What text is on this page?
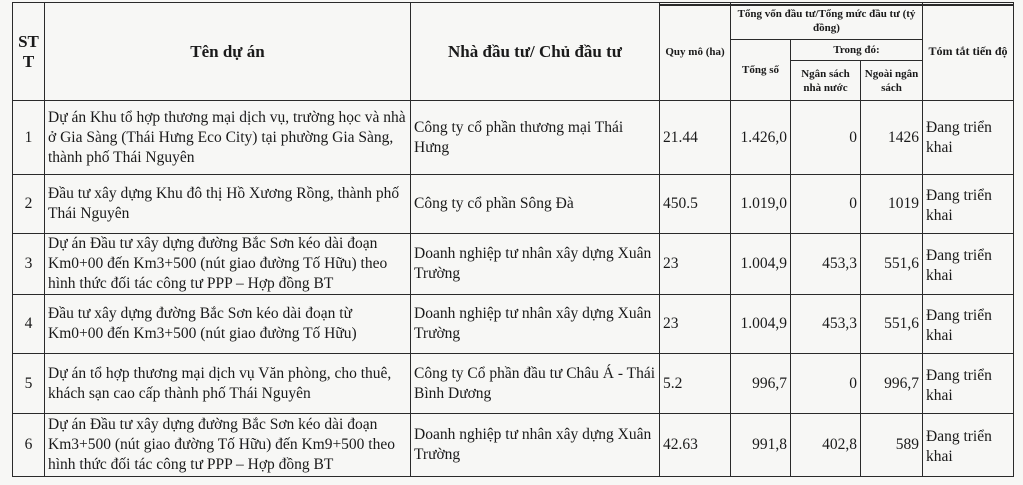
ST T	Tên dự án	Nhà đầu tư/ Chủ đầu tư	Quy mô (ha)	Tổng vốn đầu tư/Tổng mức đầu tư (tỷ đồng)			Tóm tắt tiến độ
				Tổng số	Trong đó:		
					Ngân sách nhà nước	Ngoài ngân sách	
1	Dự án Khu tổ hợp thương mại dịch vụ, trường học và nhà ở Gia Sàng (Thái Hưng Eco City) tại phường Gia Sàng, thành phố Thái Nguyên	Công ty cổ phần thương mại Thái Hưng	21.44	1.426,0	0	1426	Đang triển khai
2	Đầu tư xây dựng Khu đô thị Hồ Xương Rồng, thành phố Thái Nguyên	Công ty cổ phần Sông Đà	450.5	1.019,0	0	1019	Đang triển khai
3	Dự án Đầu tư xây dựng đường Bắc Sơn kéo dài đoạn Km0+00 đến Km3+500 (nút giao đường Tố Hữu) theo hình thức đối tác công tư PPP – Hợp đồng BT	Doanh nghiệp tư nhân xây dựng Xuân Trường	23	1.004,9	453,3	551,6	Đang triển khai
4	Đầu tư xây dựng đường Bắc Sơn kéo dài đoạn từ Km0+00 đến Km3+500 (nút giao đường Tố Hữu)	Doanh nghiệp tư nhân xây dựng Xuân Trường	23	1.004,9	453,3	551,6	Đang triển khai
5	Dự án tổ hợp thương mại dịch vụ Văn phòng, cho thuê, khách sạn cao cấp thành phố Thái Nguyên	Công ty Cổ phần đầu tư Châu Á - Thái Bình Dương	5.2	996,7	0	996,7	Đang triển khai
6	Dự án Đầu tư xây dựng đường Bắc Sơn kéo dài đoạn Km3+500 (nút giao đường Tố Hữu) đến Km9+500 theo hình thức đối tác công tư PPP – Hợp đồng BT	Doanh nghiệp tư nhân xây dựng Xuân Trường	42.63	991,8	402,8	589	Đang triển khai
